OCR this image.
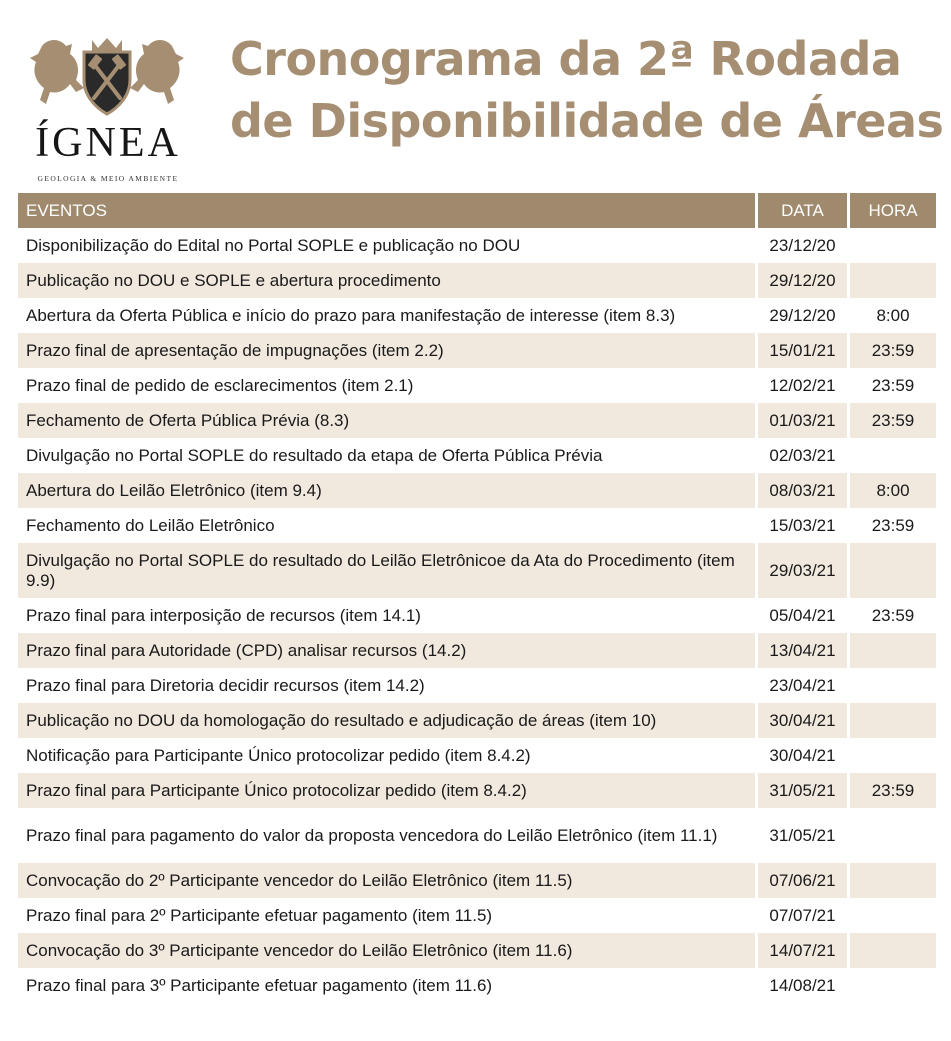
ÍGNEA
GEOLOGIA & MEIO AMBIENTE
Cronograma da 2ª Rodada
de Disponibilidade de Áreas
EVENTOS	DATA	HORA
Disponibilização do Edital no Portal SOPLE e publicação no DOU	23/12/20	
Publicação no DOU e SOPLE e abertura procedimento	29/12/20	
Abertura da Oferta Pública e início do prazo para manifestação de interesse (item 8.3)	29/12/20	8:00
Prazo final de apresentação de impugnações (item 2.2)	15/01/21	23:59
Prazo final de pedido de esclarecimentos (item 2.1)	12/02/21	23:59
Fechamento de Oferta Pública Prévia (8.3)	01/03/21	23:59
Divulgação no Portal SOPLE do resultado da etapa de Oferta Pública Prévia	02/03/21	
Abertura do Leilão Eletrônico (item 9.4)	08/03/21	8:00
Fechamento do Leilão Eletrônico	15/03/21	23:59
Divulgação no Portal SOPLE do resultado do Leilão Eletrônicoe da Ata do Procedimento (item 9.9)	29/03/21	
Prazo final para interposição de recursos (item 14.1)	05/04/21	23:59
Prazo final para Autoridade (CPD) analisar recursos (14.2)	13/04/21	
Prazo final para Diretoria decidir recursos (item 14.2)	23/04/21	
Publicação no DOU da homologação do resultado e adjudicação de áreas (item 10)	30/04/21	
Notificação para Participante Único protocolizar pedido (item 8.4.2)	30/04/21	
Prazo final para Participante Único protocolizar pedido (item 8.4.2)	31/05/21	23:59
Prazo final para pagamento do valor da proposta vencedora do Leilão Eletrônico (item 11.1)	31/05/21	
Convocação do 2º Participante vencedor do Leilão Eletrônico (item 11.5)	07/06/21	
Prazo final para 2º Participante efetuar pagamento (item 11.5)	07/07/21	
Convocação do 3º Participante vencedor do Leilão Eletrônico (item 11.6)	14/07/21	
Prazo final para 3º Participante efetuar pagamento (item 11.6)	14/08/21	
